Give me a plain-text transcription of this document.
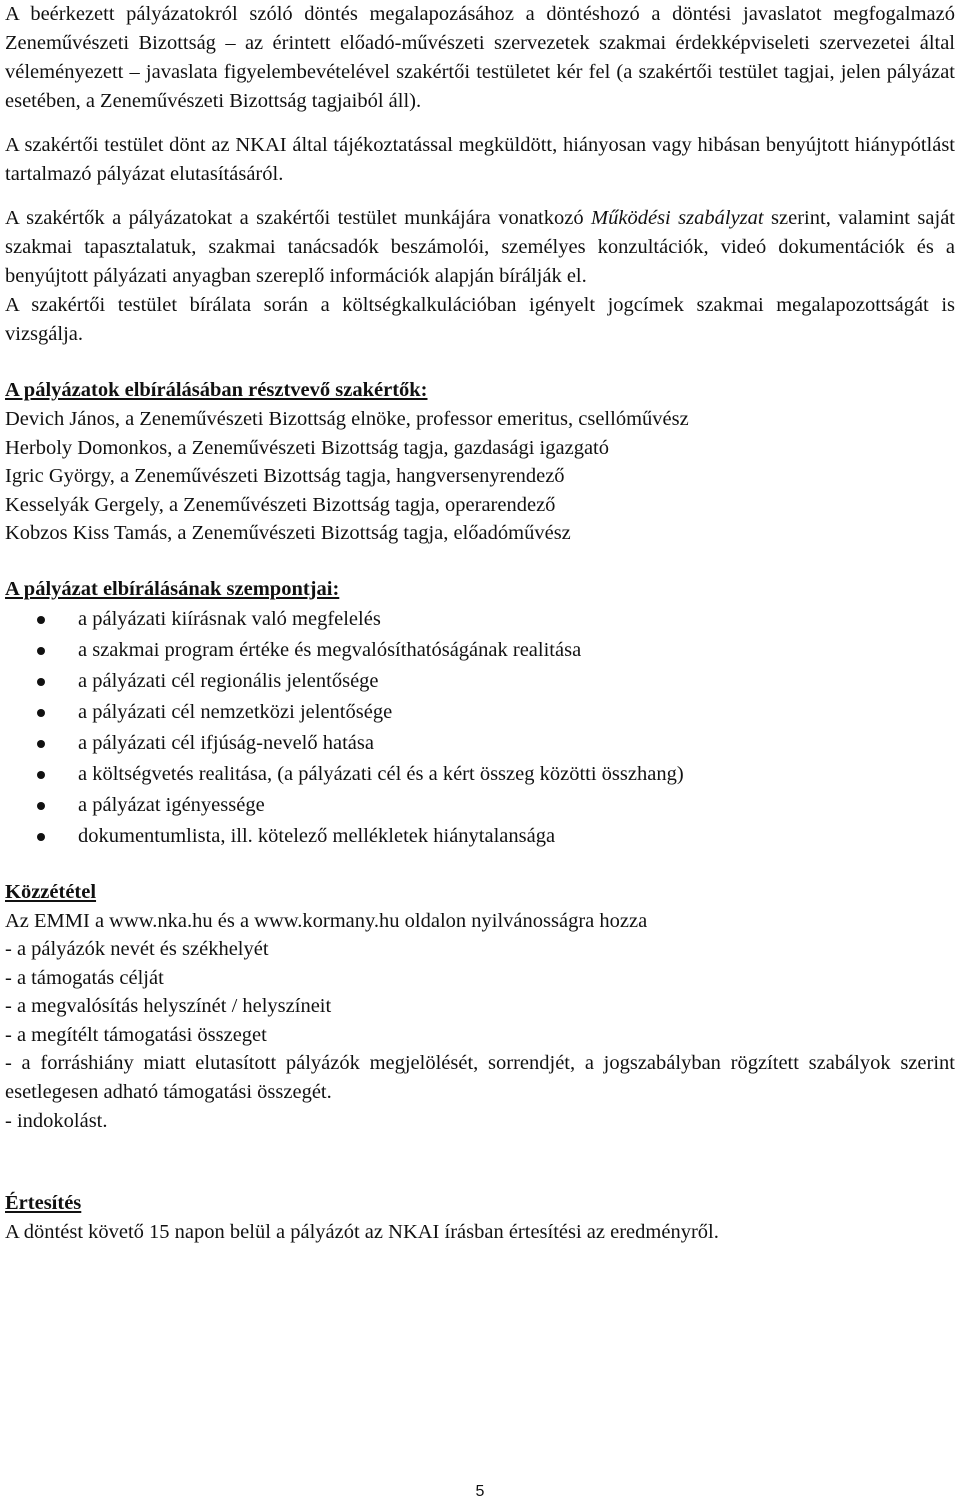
A beérkezett pályázatokról szóló döntés megalapozásához a döntéshozó a döntési javaslatot megfogalmazó Zeneművészeti Bizottság – az érintett előadó-művészeti szervezetek szakmai érdekképviseleti szervezetei által véleményezett – javaslata figyelembevételével szakértői testületet kér fel (a szakértői testület tagjai, jelen pályázat esetében, a Zeneművészeti Bizottság tagjaiból áll).

A szakértői testület dönt az NKAI által tájékoztatással megküldött, hiányosan vagy hibásan benyújtott hiánypótlást tartalmazó pályázat elutasításáról.

A szakértők a pályázatokat a szakértői testület munkájára vonatkozó Működési szabályzat szerint, valamint saját szakmai tapasztalatuk, szakmai tanácsadók beszámolói, személyes konzultációk, videó dokumentációk és a benyújtott pályázati anyagban szereplő információk alapján bírálják el.

A szakértői testület bírálata során a költségkalkulációban igényelt jogcímek szakmai megalapozottságát is vizsgálja.

A pályázatok elbírálásában résztvevő szakértők:

Devich János, a Zeneművészeti Bizottság elnöke, professor emeritus, csellóművész

Herboly Domonkos, a Zeneművészeti Bizottság tagja, gazdasági igazgató

Igric György, a Zeneművészeti Bizottság tagja, hangversenyrendező

Kesselyák Gergely, a Zeneművészeti Bizottság tagja, operarendező

Kobzos Kiss Tamás, a Zeneművészeti Bizottság tagja, előadóművész

A pályázat elbírálásának szempontjai:

a pályázati kiírásnak való megfelelés
a szakmai program értéke és megvalósíthatóságának realitása
a pályázati cél regionális jelentősége
a pályázati cél nemzetközi jelentősége
a pályázati cél ifjúság-nevelő hatása
a költségvetés realitása, (a pályázati cél és a kért összeg közötti összhang)
a pályázat igényessége
dokumentumlista, ill. kötelező mellékletek hiánytalansága

Közzététel

Az EMMI a www.nka.hu és a www.kormany.hu oldalon nyilvánosságra hozza

- a pályázók nevét és székhelyét

- a támogatás célját

- a megvalósítás helyszínét / helyszíneit

- a megítélt támogatási összeget

- a forráshiány miatt elutasított pályázók megjelölését, sorrendjét, a jogszabályban rögzített szabályok szerint esetlegesen adható támogatási összegét.

- indokolást.

Értesítés

A döntést követő 15 napon belül a pályázót az NKAI írásban értesítési az eredményről.

5
